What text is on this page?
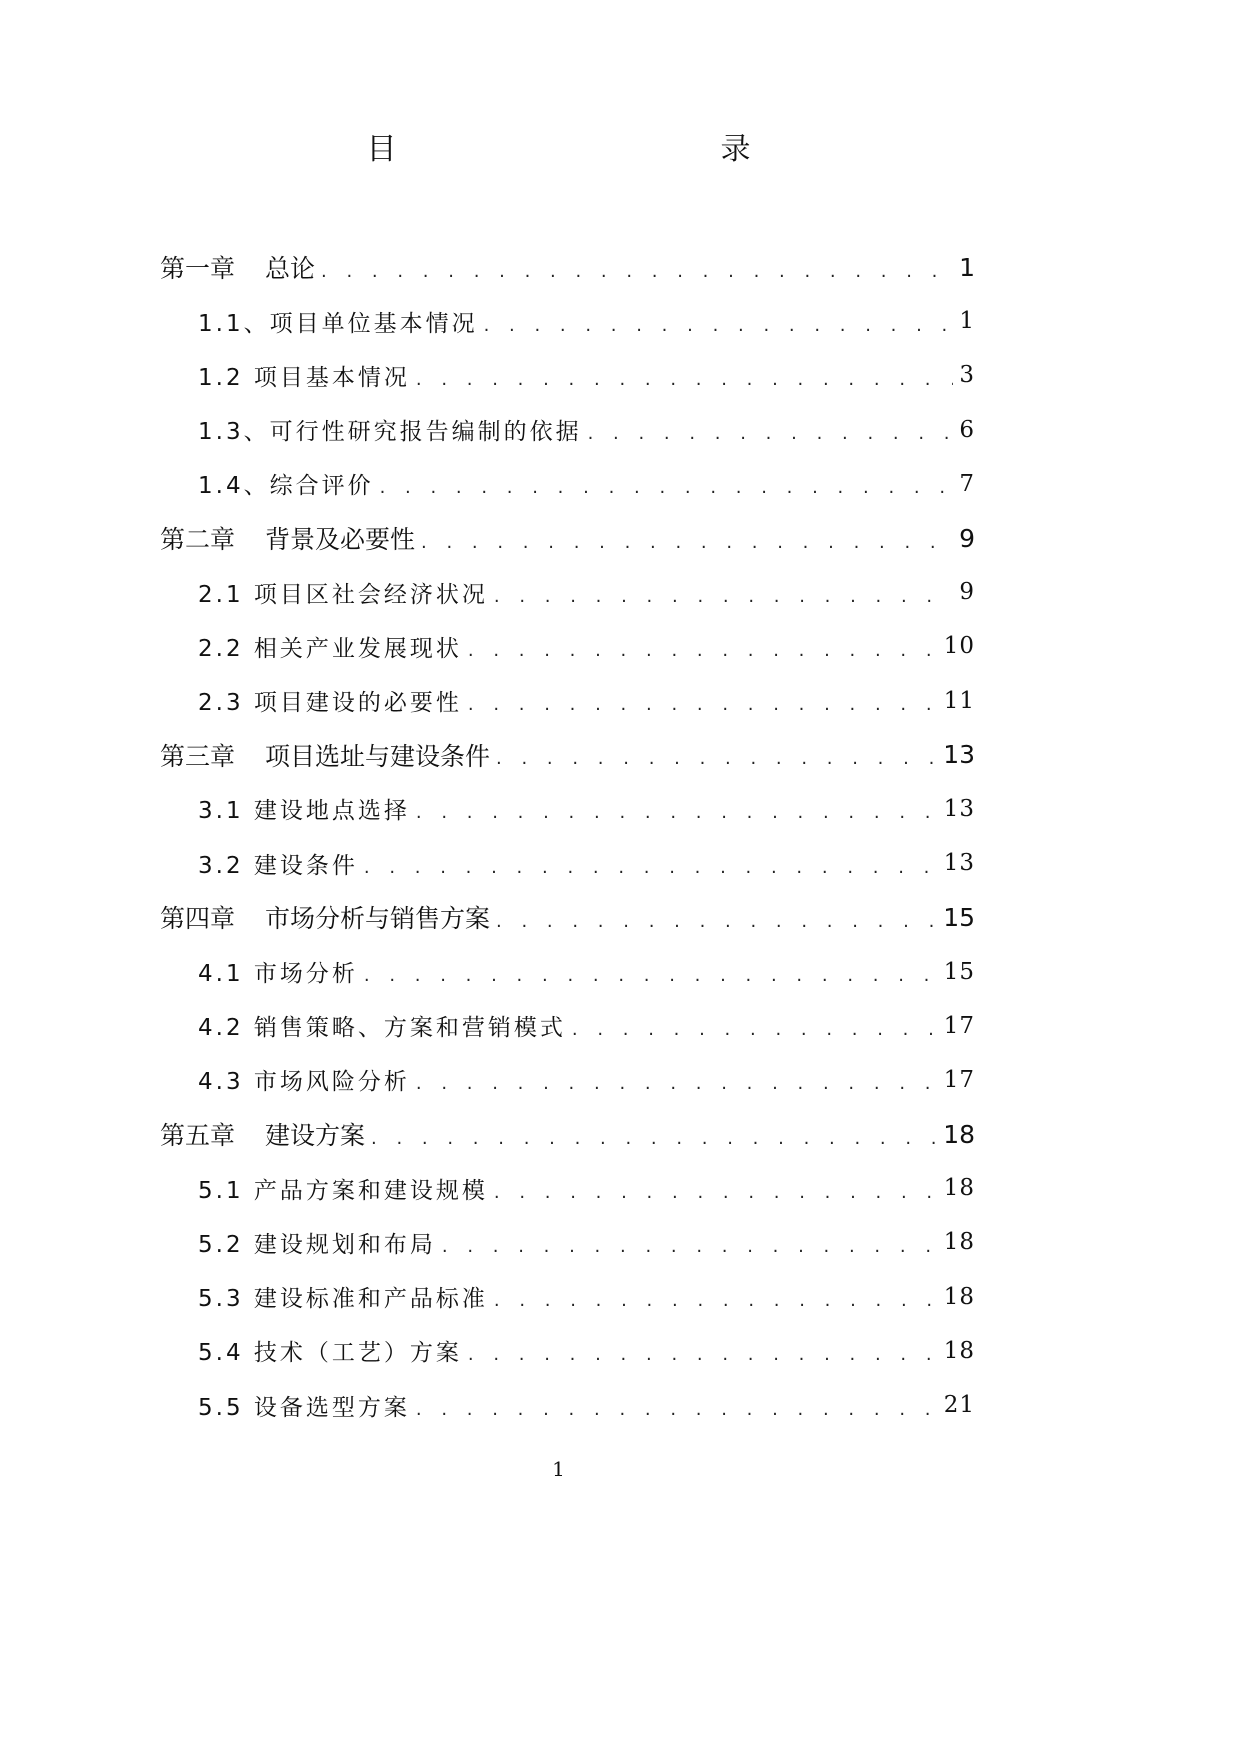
目　　录
第一章 总论 . . .	1
1.1、项目单位基本情况 . . .	1
1.2 项目基本情况 . . .	3
1.3、可行性研究报告编制的依据 . . .	6
1.4、综合评价 . . .	7
第二章 背景及必要性 . . .	9
2.1 项目区社会经济状况 . . .	9
2.2 相关产业发展现状 . . .	10
2.3 项目建设的必要性 . . .	11
第三章 项目选址与建设条件 . . .	13
3.1 建设地点选择 . . .	13
3.2 建设条件 . . .	13
第四章 市场分析与销售方案 . . .	15
4.1 市场分析 . . .	15
4.2 销售策略、方案和营销模式 . . .	17
4.3 市场风险分析 . . .	17
第五章 建设方案 . . .	18
5.1 产品方案和建设规模 . . .	18
5.2 建设规划和布局 . . .	18
5.3 建设标准和产品标准 . . .	18
5.4 技术（工艺）方案 . . .	18
5.5 设备选型方案 . . .	21
1
